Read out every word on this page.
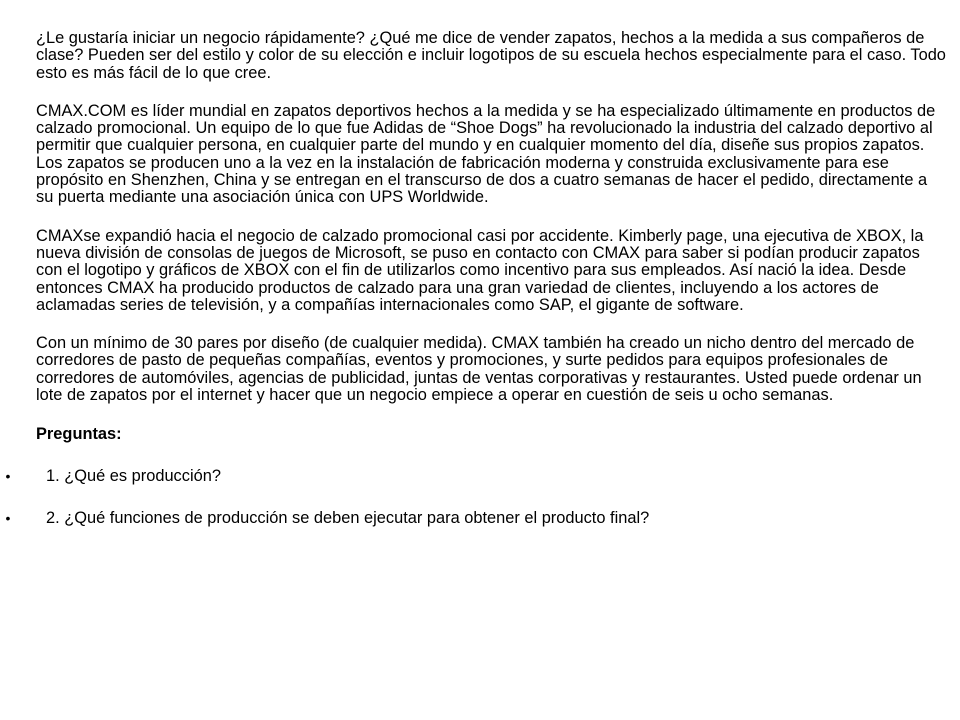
¿Le gustaría iniciar un negocio rápidamente? ¿Qué me dice de vender zapatos, hechos a la medida a sus compañeros de clase? Pueden ser del estilo y color de su elección e incluir logotipos de su escuela hechos especialmente para el caso. Todo esto es más fácil de lo que cree.

CMAX.COM es líder mundial en zapatos deportivos hechos a la medida y se ha especializado últimamente en productos de calzado promocional. Un equipo de lo que fue Adidas de “Shoe Dogs” ha revolucionado la industria del calzado deportivo al permitir que cualquier persona, en cualquier parte del mundo y en cualquier momento del día, diseñe sus propios zapatos. Los zapatos se producen uno a la vez en la instalación de fabricación moderna y construida exclusivamente para ese propósito en Shenzhen, China y se entregan en el transcurso de dos a cuatro semanas de hacer el pedido, directamente a su puerta mediante una asociación única con UPS Worldwide.

CMAXse expandió hacia el negocio de calzado promocional casi por accidente. Kimberly page, una ejecutiva de XBOX, la nueva división de consolas de juegos de Microsoft, se puso en contacto con CMAX para saber si podían producir zapatos con el logotipo y gráficos de XBOX con el fin de utilizarlos como incentivo para sus empleados. Así nació la idea. Desde entonces CMAX ha producido productos de calzado para una gran variedad de clientes, incluyendo a los actores de aclamadas series de televisión, y a compañías internacionales como SAP, el gigante de software.

Con un mínimo de 30 pares por diseño (de cualquier medida). CMAX también ha creado un nicho dentro del mercado de corredores de pasto de pequeñas compañías, eventos y promociones, y surte pedidos para equipos profesionales de corredores de automóviles, agencias de publicidad, juntas de ventas corporativas y restaurantes. Usted puede ordenar un lote de zapatos por el internet y hacer que un negocio empiece a operar en cuestión de seis u ocho semanas.

Preguntas:

•	1. ¿Qué es producción?
•	2. ¿Qué funciones de producción se deben ejecutar para obtener el producto final?
